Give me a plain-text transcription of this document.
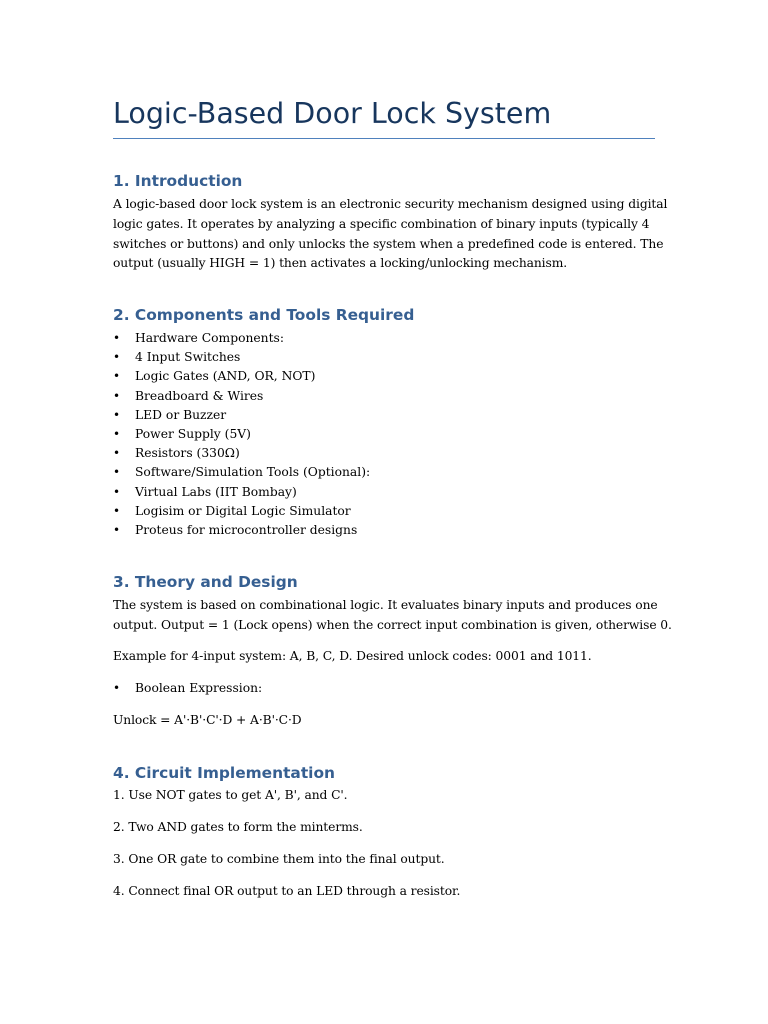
Logic-Based Door Lock System
1. Introduction

A logic-based door lock system is an electronic security mechanism designed using digital
logic gates. It operates by analyzing a specific combination of binary inputs (typically 4
switches or buttons) and only unlocks the system when a predefined code is entered. The
output (usually HIGH = 1) then activates a locking/unlocking mechanism.

2. Components and Tools Required
• Hardware Components:
• 4 Input Switches
• Logic Gates (AND, OR, NOT)
• Breadboard & Wires
• LED or Buzzer
• Power Supply (5V)
• Resistors (330Ω)
• Software/Simulation Tools (Optional):
• Virtual Labs (IIT Bombay)
• Logisim or Digital Logic Simulator
• Proteus for microcontroller designs
3. Theory and Design

The system is based on combinational logic. It evaluates binary inputs and produces one
output. Output = 1 (Lock opens) when the correct input combination is given, otherwise 0.

Example for 4-input system: A, B, C, D. Desired unlock codes: 0001 and 1011.

• Boolean Expression:

Unlock = A'·B'·C'·D + A·B'·C·D

4. Circuit Implementation

1. Use NOT gates to get A', B', and C'.

2. Two AND gates to form the minterms.

3. One OR gate to combine them into the final output.

4. Connect final OR output to an LED through a resistor.
